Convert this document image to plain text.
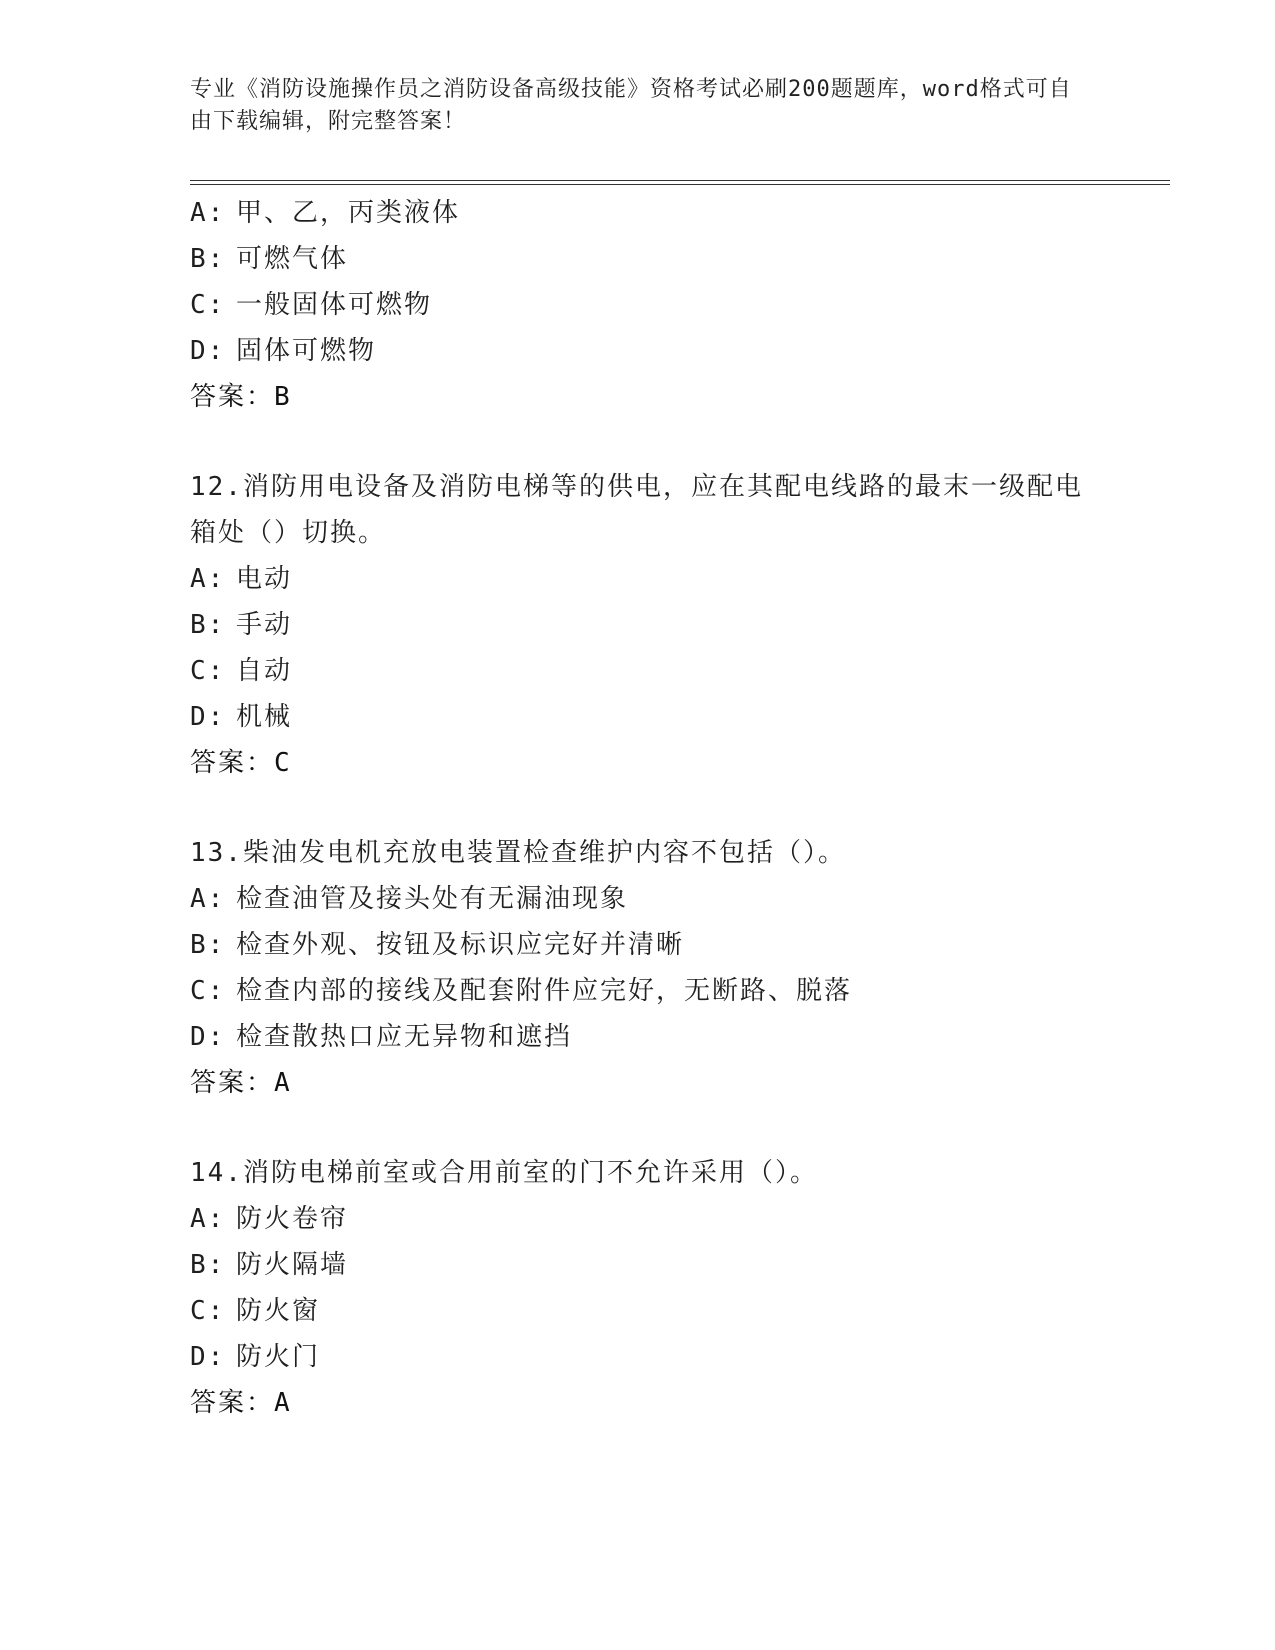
专业《消防设施操作员之消防设备高级技能》资格考试必刷200题题库，word格式可自由下载编辑，附完整答案！
A: 甲、乙，丙类液体
B: 可燃气体
C: 一般固体可燃物
D: 固体可燃物
答案：B
12.消防用电设备及消防电梯等的供电，应在其配电线路的最末一级配电箱处（）切换。
A: 电动
B: 手动
C: 自动
D: 机械
答案：C
13.柴油发电机充放电装置检查维护内容不包括（）。
A: 检查油管及接头处有无漏油现象
B: 检查外观、按钮及标识应完好并清晰
C: 检查内部的接线及配套附件应完好，无断路、脱落
D: 检查散热口应无异物和遮挡
答案：A
14.消防电梯前室或合用前室的门不允许采用（）。
A: 防火卷帘
B: 防火隔墙
C: 防火窗
D: 防火门
答案：A
